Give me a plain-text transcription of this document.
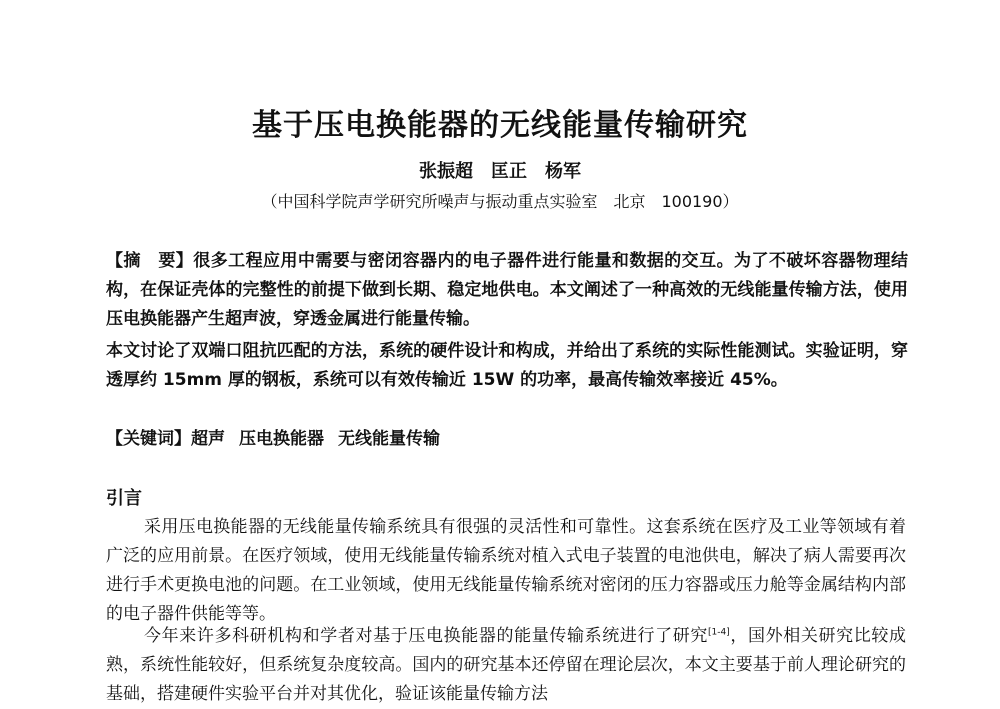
基于压电换能器的无线能量传输研究
张振超　匡正　杨军
（中国科学院声学研究所噪声与振动重点实验室　北京　100190）
【摘　要】很多工程应用中需要与密闭容器内的电子器件进行能量和数据的交互。为了不破坏容器物理结构，在保证壳体的完整性的前提下做到长期、稳定地供电。本文阐述了一种高效的无线能量传输方法，使用压电换能器产生超声波，穿透金属进行能量传输。
本文讨论了双端口阻抗匹配的方法，系统的硬件设计和构成，并给出了系统的实际性能测试。实验证明，穿透厚约 15mm 厚的钢板，系统可以有效传输近 15W 的功率，最高传输效率接近 45%。
【关键词】超声 压电换能器 无线能量传输
引言
采用压电换能器的无线能量传输系统具有很强的灵活性和可靠性。这套系统在医疗及工业等领域有着广泛的应用前景。在医疗领域，使用无线能量传输系统对植入式电子装置的电池供电，解决了病人需要再次进行手术更换电池的问题。在工业领域，使用无线能量传输系统对密闭的压力容器或压力舱等金属结构内部的电子器件供能等等。
今年来许多科研机构和学者对基于压电换能器的能量传输系统进行了研究[1-4]，国外相关研究比较成熟，系统性能较好，但系统复杂度较高。国内的研究基本还停留在理论层次，本文主要基于前人理论研究的基础，搭建硬件实验平台并对其优化，验证该能量传输方法
